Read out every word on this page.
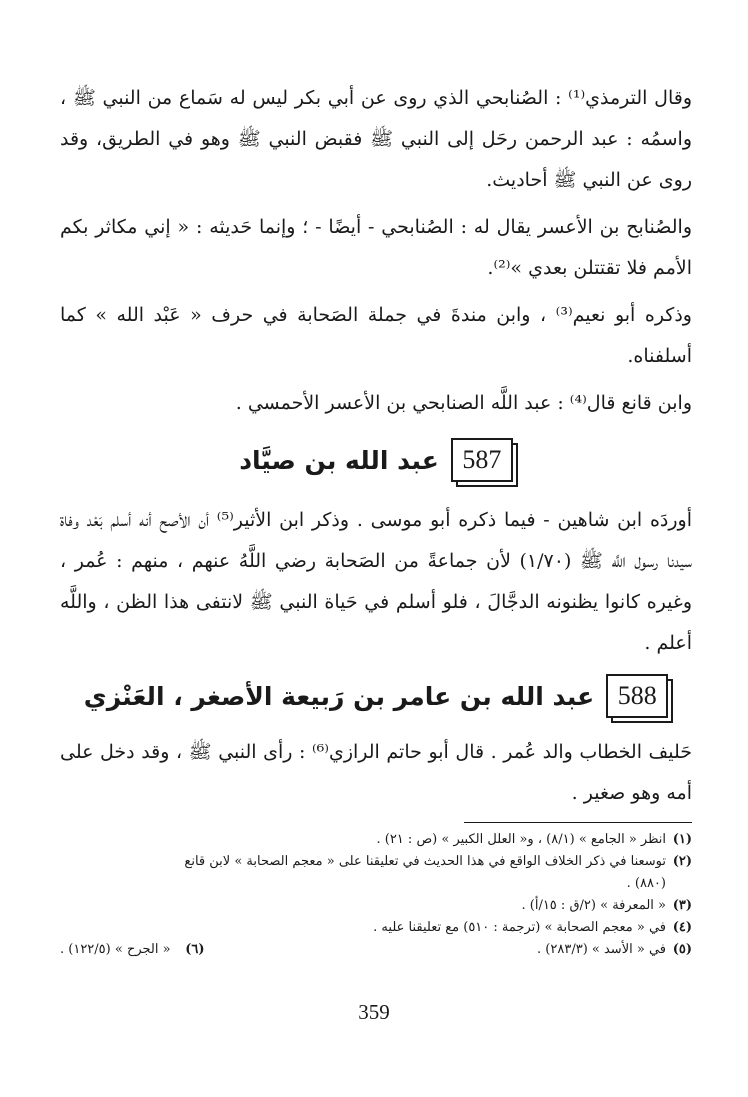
وقال الترمذي⁽¹⁾ : الصُنابحي الذي روى عن أبي بكر ليس له سَماع من النبي ﷺ ، واسمُه : عبد الرحمن رحَل إلى النبي ﷺ فقبض النبي ﷺ وهو في الطريق، وقد روى عن النبي ﷺ أحاديث.

والصُنابح بن الأعسر يقال له : الصُنابحي - أيضًا - ؛ وإنما حَديثه : « إني مكاثر بكم الأمم فلا تقتتلن بعدي »⁽²⁾.

وذكره أبو نعيم⁽³⁾ ، وابن مندةَ في جملة الصَحابة في حرف « عَبْد الله » كما أسلفناه.

وابن قانع قال⁽⁴⁾ : عبد اللَّه الصنابحي بن الأعسر الأحمسي .

587
عبد الله بن صيَّاد

أوردَه ابن شاهين - فيما ذكره أبو موسى . وذكر ابن الأثير⁽⁵⁾ أن الأصح أنه أسلم بَعْد وفاة سيدنا رسول اللَّه ﷺ (١/٧٠) لأن جماعةً من الصَحابة رضي اللَّهُ عنهم ، منهم : عُمر ، وغيره كانوا يظنونه الدجَّالَ ، فلو أسلم في حَياة النبي ﷺ لانتفى هذا الظن ، واللَّه أعلم .

588
عبد الله بن عامر بن رَبيعة الأصغر ، العَنْزي

حَليف الخطاب والد عُمر . قال أبو حاتم الرازي⁽⁶⁾ : رأى النبي ﷺ ، وقد دخل على أمه وهو صغير .

(١)
انظر « الجامع » (٨/١) ، و« العلل الكبير » (ص : ٢١) .
(٢)
توسعنا في ذكر الخلاف الواقع في هذا الحديث في تعليقنا على « معجم الصحابة » لابن قانع
(٨٨٠) .
(٣)
« المعرفة » (٢/ق : ١٥/أ) .
(٤)
في « معجم الصحابة » (ترجمة : ٥١٠) مع تعليقنا عليه .
(٥)
في « الأسد » (٢٨٣/٣) .
(٦)
« الجرح » (١٢٢/٥) .
359
